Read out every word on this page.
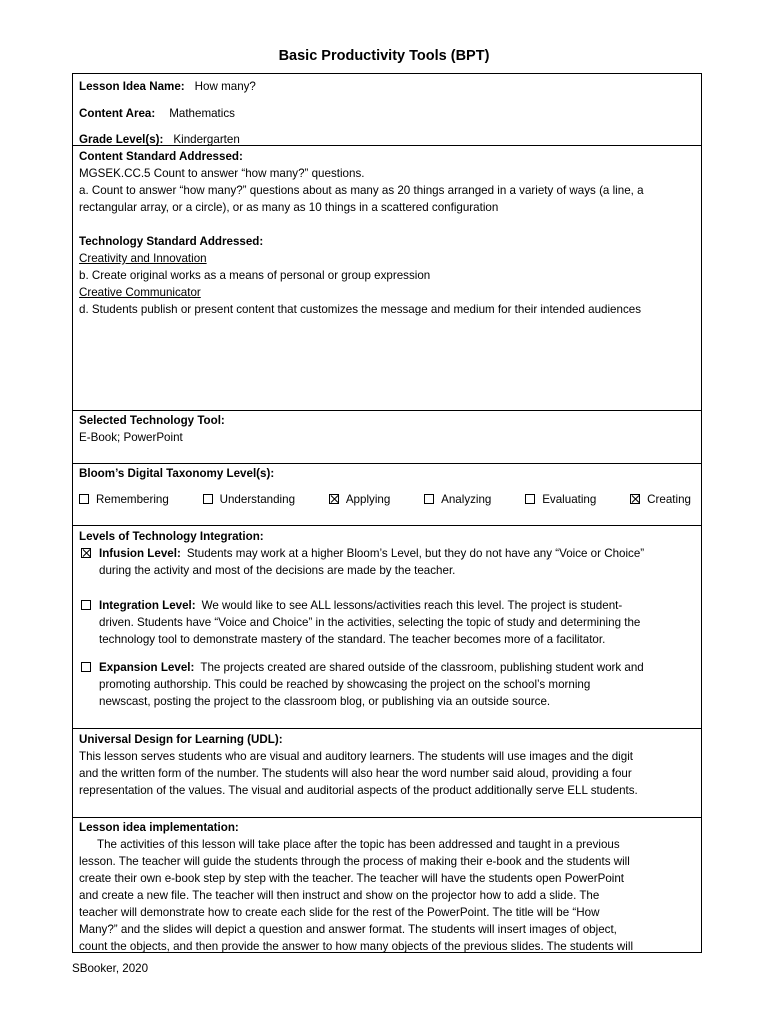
Basic Productivity Tools (BPT)
Lesson Idea Name: How many?
Content Area: Mathematics
Grade Level(s): Kindergarten
Content Standard Addressed:
MGSEK.CC.5 Count to answer “how many?” questions.
a. Count to answer “how many?” questions about as many as 20 things arranged in a variety of ways (a line, a
rectangular array, or a circle), or as many as 10 things in a scattered configuration
Technology Standard Addressed:
Creativity and Innovation
b. Create original works as a means of personal or group expression
Creative Communicator
d. Students publish or present content that customizes the message and medium for their intended audiences
Selected Technology Tool:
E-Book; PowerPoint
Bloom’s Digital Taxonomy Level(s):
Remembering	Understanding	Applying	Analyzing	Evaluating	Creating
Levels of Technology Integration:
Infusion Level: Students may work at a higher Bloom’s Level, but they do not have any “Voice or Choice”
during the activity and most of the decisions are made by the teacher.
Integration Level: We would like to see ALL lessons/activities reach this level. The project is student-
driven. Students have “Voice and Choice” in the activities, selecting the topic of study and determining the
technology tool to demonstrate mastery of the standard. The teacher becomes more of a facilitator.
Expansion Level: The projects created are shared outside of the classroom, publishing student work and
promoting authorship. This could be reached by showcasing the project on the school’s morning
newscast, posting the project to the classroom blog, or publishing via an outside source.
Universal Design for Learning (UDL):
This lesson serves students who are visual and auditory learners. The students will use images and the digit
and the written form of the number. The students will also hear the word number said aloud, providing a four
representation of the values. The visual and auditorial aspects of the product additionally serve ELL students.
Lesson idea implementation:
The activities of this lesson will take place after the topic has been addressed and taught in a previous
lesson. The teacher will guide the students through the process of making their e-book and the students will
create their own e-book step by step with the teacher. The teacher will have the students open PowerPoint
and create a new file. The teacher will then instruct and show on the projector how to add a slide. The
teacher will demonstrate how to create each slide for the rest of the PowerPoint. The title will be “How
Many?” and the slides will depict a question and answer format. The students will insert images of object,
count the objects, and then provide the answer to how many objects of the previous slides. The students will
SBooker, 2020
